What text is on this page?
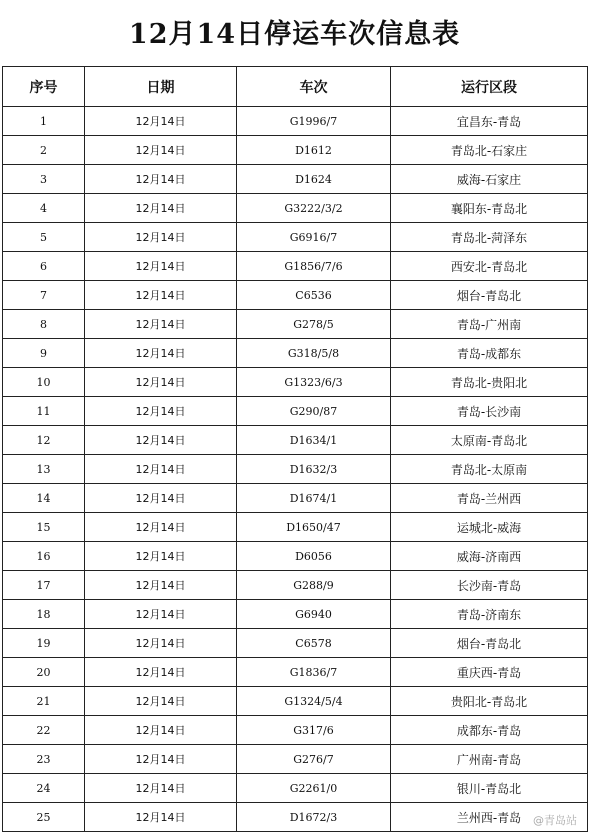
12月14日停运车次信息表
序号	日期	车次	运行区段
1	12月14日	G1996/7	宜昌东-青岛
2	12月14日	D1612	青岛北-石家庄
3	12月14日	D1624	威海-石家庄
4	12月14日	G3222/3/2	襄阳东-青岛北
5	12月14日	G6916/7	青岛北-菏泽东
6	12月14日	G1856/7/6	西安北-青岛北
7	12月14日	C6536	烟台-青岛北
8	12月14日	G278/5	青岛-广州南
9	12月14日	G318/5/8	青岛-成都东
10	12月14日	G1323/6/3	青岛北-贵阳北
11	12月14日	G290/87	青岛-长沙南
12	12月14日	D1634/1	太原南-青岛北
13	12月14日	D1632/3	青岛北-太原南
14	12月14日	D1674/1	青岛-兰州西
15	12月14日	D1650/47	运城北-威海
16	12月14日	D6056	威海-济南西
17	12月14日	G288/9	长沙南-青岛
18	12月14日	G6940	青岛-济南东
19	12月14日	C6578	烟台-青岛北
20	12月14日	G1836/7	重庆西-青岛
21	12月14日	G1324/5/4	贵阳北-青岛北
22	12月14日	G317/6	成都东-青岛
23	12月14日	G276/7	广州南-青岛
24	12月14日	G2261/0	银川-青岛北
25	12月14日	D1672/3	兰州西-青岛 @青岛站
